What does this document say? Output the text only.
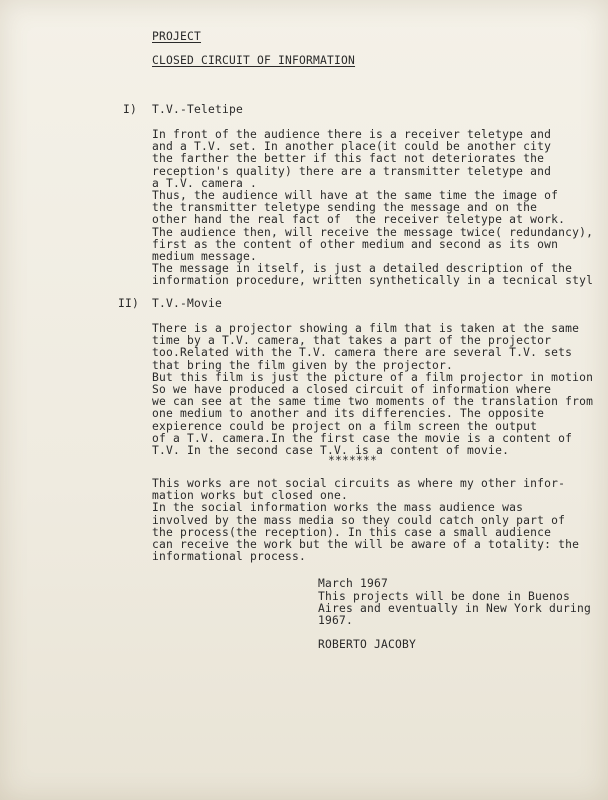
PROJECT
CLOSED CIRCUIT OF INFORMATION
I) T.V.-Teletipe
In front of the audience there is a receiver teletype and
and a T.V. set. In another place(it could be another city
the farther the better if this fact not deteriorates the
reception's quality) there are a transmitter teletype and
a T.V. camera .
Thus, the audience will have at the same time the image of
the transmitter teletype sending the message and on the
other hand the real fact of  the receiver teletype at work.
The audience then, will receive the message twice( redundancy),
first as the content of other medium and second as its own
medium message.
The message in itself, is just a detailed description of the
information procedure, written synthetically in a tecnical styl
II) T.V.-Movie
There is a projector showing a film that is taken at the same
time by a T.V. camera, that takes a part of the projector
too.Related with the T.V. camera there are several T.V. sets
that bring the film given by the projector.
But this film is just the picture of a film projector in motion
So we have produced a closed circuit of information where
we can see at the same time two moments of the translation from
one medium to another and its differencies. The opposite
expierence could be project on a film screen the output
of a T.V. camera.In the first case the movie is a content of
T.V. In the second case T.V. is a content of movie.
*******
This works are not social circuits as where my other infor-
mation works but closed one.
In the social information works the mass audience was
involved by the mass media so they could catch only part of
the process(the reception). In this case a small audience
can receive the work but the will be aware of a totality: the
informational process.
March 1967
This projects will be done in Buenos
Aires and eventually in New York during
1967.
ROBERTO JACOBY
